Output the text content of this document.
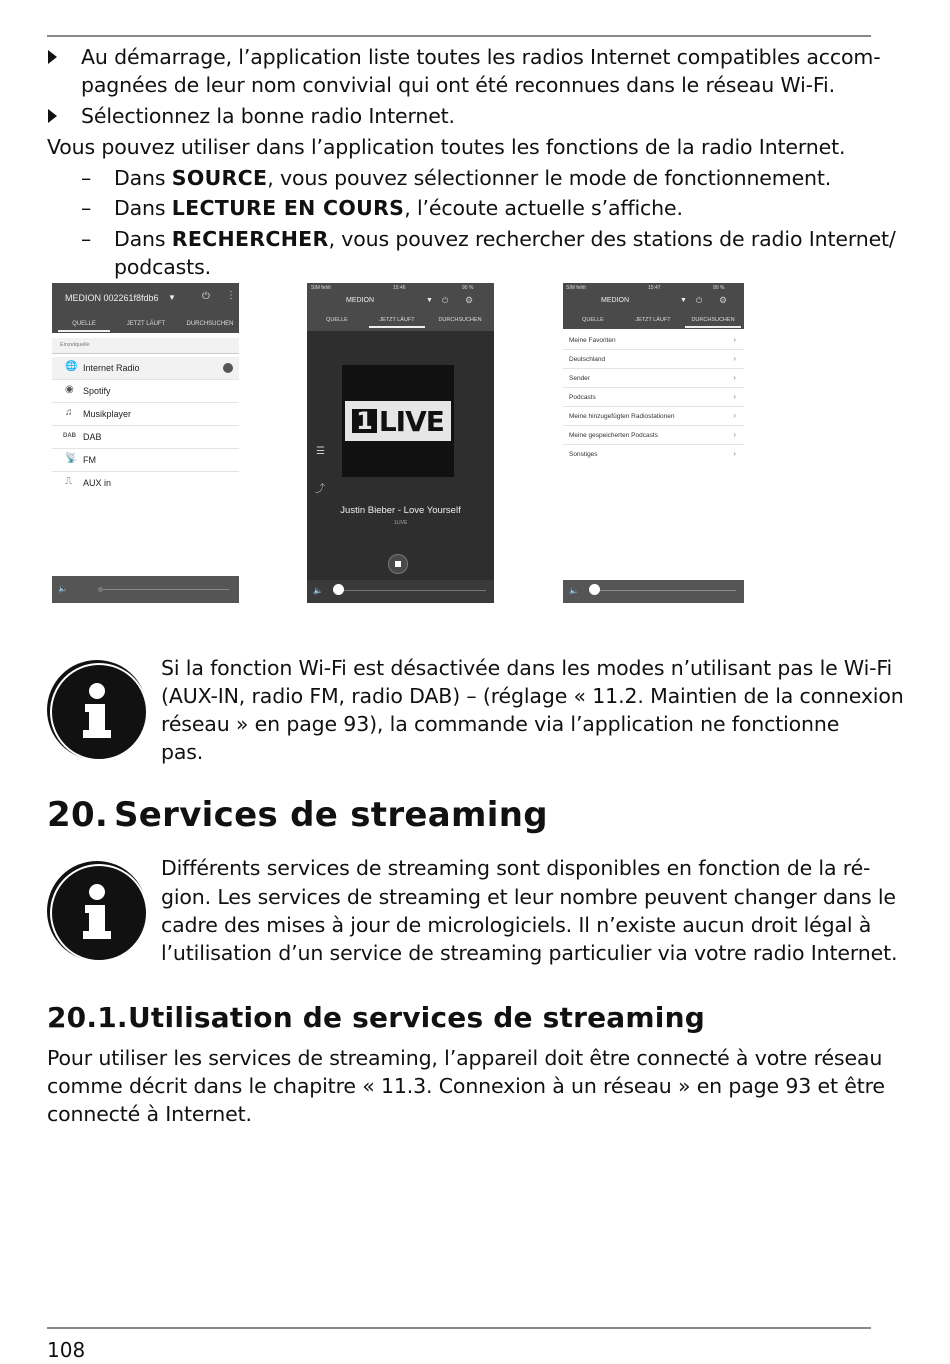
Au démarrage, l’application liste toutes les radios Internet compatibles accom-
pagnées de leur nom convivial qui ont été reconnues dans le réseau Wi-Fi.
Sélectionnez la bonne radio Internet.
Vous pouvez utiliser dans l’application toutes les fonctions de la radio Internet.
– Dans SOURCE, vous pouvez sélectionner le mode de fonctionnement.
– Dans LECTURE EN COURS, l’écoute actuelle s’affiche.
– Dans RECHERCHER, vous pouvez rechercher des stations de radio Internet/
podcasts.
MEDION 002261f8fdb6 ▼	⏻ ⋮
QUELLE	JETZT LÄUFT	DURCHSUCHEN
Einzelquelle
🌐 Internet Radio
◉ Spotify
♫ Musikplayer
DAB DAB
📡 FM
⎍ AUX in
🔈
SIM fehlt	15:46	90 %
MEDION	▼ ⏻ ⚙
QUELLE	JETZT LÄUFT	DURCHSUCHEN
1 LIVE
☰
⤴
Justin Bieber - Love Yourself
1LIVE
🔈
SIM fehlt	15:47	90 %
MEDION	▼ ⏻ ⚙
QUELLE	JETZT LÄUFT	DURCHSUCHEN
Meine Favoriten	›
Deutschland	›
Sender	›
Podcasts	›
Meine hinzugefügten Radiostationen	›
Meine gespeicherten Podcasts	›
Sonstiges	›
🔈
Si la fonction Wi-Fi est désactivée dans les modes n’utilisant pas le Wi-Fi
(AUX-IN, radio FM, radio DAB) – (réglage « 11.2. Maintien de la connexion
réseau » en page 93), la commande via l’application ne fonctionne
pas.
20. Services de streaming
Différents services de streaming sont disponibles en fonction de la ré-
gion. Les services de streaming et leur nombre peuvent changer dans le
cadre des mises à jour de micrologiciels. Il n’existe aucun droit légal à
l’utilisation d’un service de streaming particulier via votre radio Internet.
20.1. Utilisation de services de streaming
Pour utiliser les services de streaming, l’appareil doit être connecté à votre réseau
comme décrit dans le chapitre « 11.3. Connexion à un réseau » en page 93 et être
connecté à Internet.
108
